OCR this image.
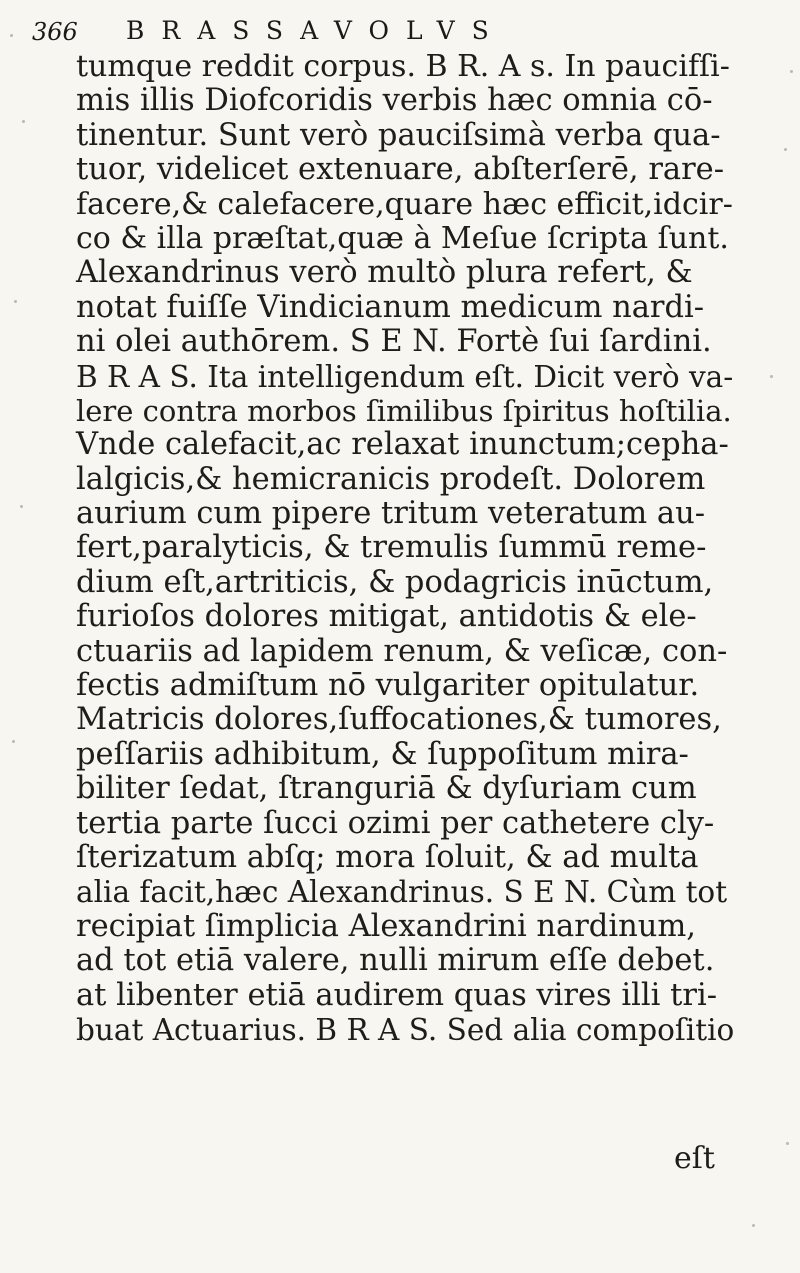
366 BRASSAVOLVS
tumque reddit corpus. B R. A s. In paucifſi-
mis illis Diofcoridis verbis hæc omnia cō-
tinentur. Sunt verò pauciſsimà verba qua-
tuor, videlicet extenuare, abſterſerē, rare-
facere,& calefacere,quare hæc efficit,idcir-
co & illa præſtat,quæ à Meſue ſcripta ſunt.
Alexandrinus verò multò plura refert, &
notat fuiſſe Vindicianum medicum nardi-
ni olei authōrem. S E N. Fortè ſui ſardini.
B R A S. Ita intelligendum eſt. Dicit verò va-
lere contra morbos ſimilibus ſpiritus hoſtilia.
Vnde calefacit,ac relaxat inunctum;cepha-
lalgicis,& hemicranicis prodeſt. Dolorem
aurium cum pipere tritum veteratum au-
fert,paralyticis, & tremulis ſummū reme-
dium eſt,artriticis, & podagricis inūctum,
furioſos dolores mitigat, antidotis & ele-
ctuariis ad lapidem renum, & veſicæ, con-
fectis admiſtum nō vulgariter opitulatur.
Matricis dolores,ſuffocationes,& tumores,
peſſariis adhibitum, & ſuppoſitum mira-
biliter ſedat, ſtranguriā & dyſuriam cum
tertia parte ſucci ozimi per cathetere cly-
ſterizatum abſq; mora ſoluit, & ad multa
alia facit,hæc Alexandrinus. S E N. Cùm tot
recipiat ſimplicia Alexandrini nardinum,
ad tot etiā valere, nulli mirum eſſe debet.
at libenter etiā audirem quas vires illi tri-
buat Actuarius. B R A S. Sed alia compoſitio
eſt
